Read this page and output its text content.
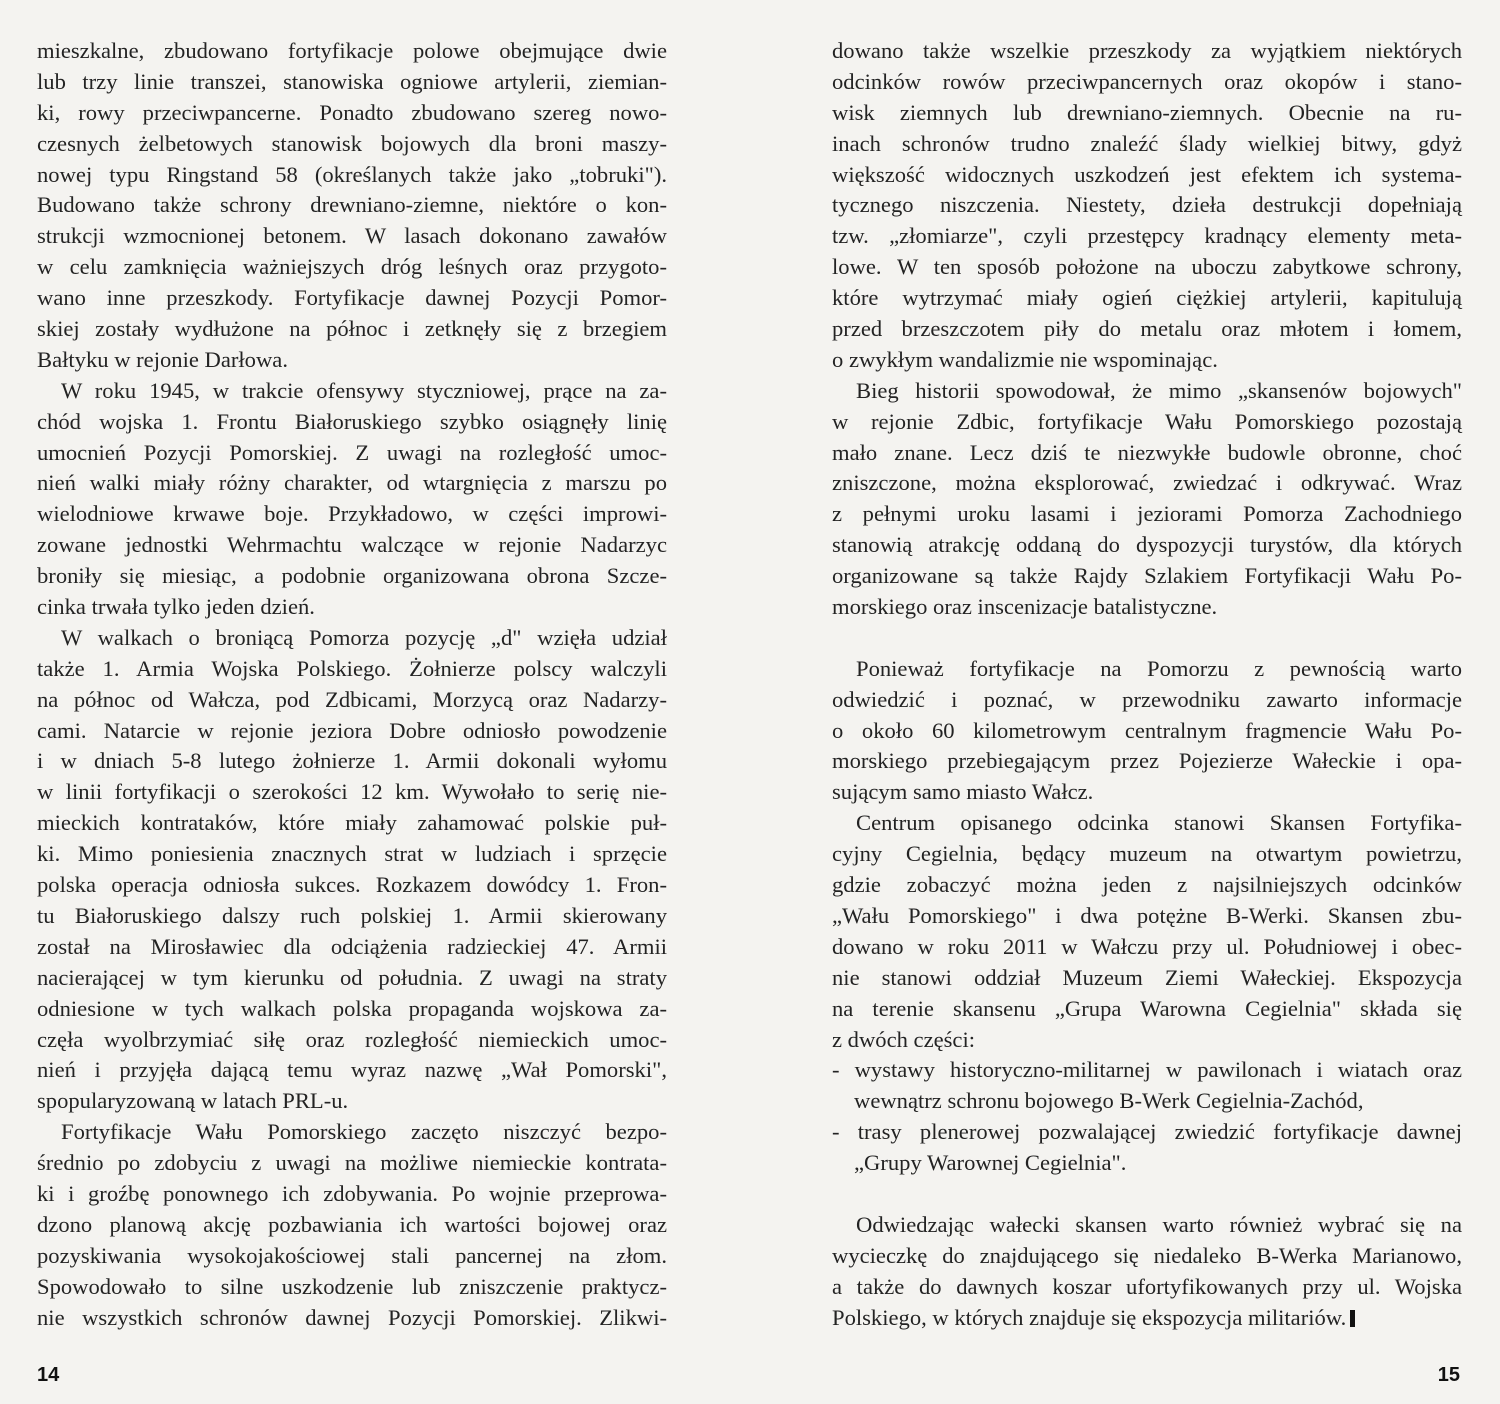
mieszkalne, zbudowano fortyfikacje polowe obejmujące dwie
lub trzy linie transzei, stanowiska ogniowe artylerii, ziemian-
ki, rowy przeciwpancerne. Ponadto zbudowano szereg nowo-
czesnych żelbetowych stanowisk bojowych dla broni maszy-
nowej typu Ringstand 58 (określanych także jako „tobruki").
Budowano także schrony drewniano-ziemne, niektóre o kon-
strukcji wzmocnionej betonem. W lasach dokonano zawałów
w celu zamknięcia ważniejszych dróg leśnych oraz przygoto-
wano inne przeszkody. Fortyfikacje dawnej Pozycji Pomor-
skiej zostały wydłużone na północ i zetknęły się z brzegiem
Bałtyku w rejonie Darłowa.
W roku 1945, w trakcie ofensywy styczniowej, prące na za-
chód wojska 1. Frontu Białoruskiego szybko osiągnęły linię
umocnień Pozycji Pomorskiej. Z uwagi na rozległość umoc-
nień walki miały różny charakter, od wtargnięcia z marszu po
wielodniowe krwawe boje. Przykładowo, w części improwi-
zowane jednostki Wehrmachtu walczące w rejonie Nadarzyc
broniły się miesiąc, a podobnie organizowana obrona Szcze-
cinka trwała tylko jeden dzień.
W walkach o broniącą Pomorza pozycję „d" wzięła udział
także 1. Armia Wojska Polskiego. Żołnierze polscy walczyli
na północ od Wałcza, pod Zdbicami, Morzycą oraz Nadarzy-
cami. Natarcie w rejonie jeziora Dobre odniosło powodzenie
i w dniach 5-8 lutego żołnierze 1. Armii dokonali wyłomu
w linii fortyfikacji o szerokości 12 km. Wywołało to serię nie-
mieckich kontrataków, które miały zahamować polskie puł-
ki. Mimo poniesienia znacznych strat w ludziach i sprzęcie
polska operacja odniosła sukces. Rozkazem dowódcy 1. Fron-
tu Białoruskiego dalszy ruch polskiej 1. Armii skierowany
został na Mirosławiec dla odciążenia radzieckiej 47. Armii
nacierającej w tym kierunku od południa. Z uwagi na straty
odniesione w tych walkach polska propaganda wojskowa za-
częła wyolbrzymiać siłę oraz rozległość niemieckich umoc-
nień i przyjęła dającą temu wyraz nazwę „Wał Pomorski",
spopularyzowaną w latach PRL-u.
Fortyfikacje Wału Pomorskiego zaczęto niszczyć bezpo-
średnio po zdobyciu z uwagi na możliwe niemieckie kontrata-
ki i groźbę ponownego ich zdobywania. Po wojnie przeprowa-
dzono planową akcję pozbawiania ich wartości bojowej oraz
pozyskiwania wysokojakościowej stali pancernej na złom.
Spowodowało to silne uszkodzenie lub zniszczenie praktycz-
nie wszystkich schronów dawnej Pozycji Pomorskiej. Zlikwi-
dowano także wszelkie przeszkody za wyjątkiem niektórych
odcinków rowów przeciwpancernych oraz okopów i stano-
wisk ziemnych lub drewniano-ziemnych. Obecnie na ru-
inach schronów trudno znaleźć ślady wielkiej bitwy, gdyż
większość widocznych uszkodzeń jest efektem ich systema-
tycznego niszczenia. Niestety, dzieła destrukcji dopełniają
tzw. „złomiarze", czyli przestępcy kradnący elementy meta-
lowe. W ten sposób położone na uboczu zabytkowe schrony,
które wytrzymać miały ogień ciężkiej artylerii, kapitulują
przed brzeszczotem piły do metalu oraz młotem i łomem,
o zwykłym wandalizmie nie wspominając.
Bieg historii spowodował, że mimo „skansenów bojowych"
w rejonie Zdbic, fortyfikacje Wału Pomorskiego pozostają
mało znane. Lecz dziś te niezwykłe budowle obronne, choć
zniszczone, można eksplorować, zwiedzać i odkrywać. Wraz
z pełnymi uroku lasami i jeziorami Pomorza Zachodniego
stanowią atrakcję oddaną do dyspozycji turystów, dla których
organizowane są także Rajdy Szlakiem Fortyfikacji Wału Po-
morskiego oraz inscenizacje batalistyczne.
Ponieważ fortyfikacje na Pomorzu z pewnością warto
odwiedzić i poznać, w przewodniku zawarto informacje
o około 60 kilometrowym centralnym fragmencie Wału Po-
morskiego przebiegającym przez Pojezierze Wałeckie i opa-
sującym samo miasto Wałcz.
Centrum opisanego odcinka stanowi Skansen Fortyfika-
cyjny Cegielnia, będący muzeum na otwartym powietrzu,
gdzie zobaczyć można jeden z najsilniejszych odcinków
„Wału Pomorskiego" i dwa potężne B-Werki. Skansen zbu-
dowano w roku 2011 w Wałczu przy ul. Południowej i obec-
nie stanowi oddział Muzeum Ziemi Wałeckiej. Ekspozycja
na terenie skansenu „Grupa Warowna Cegielnia" składa się
z dwóch części:
- wystawy historyczno-militarnej w pawilonach i wiatach oraz
wewnątrz schronu bojowego B-Werk Cegielnia-Zachód,
- trasy plenerowej pozwalającej zwiedzić fortyfikacje dawnej
„Grupy Warownej Cegielnia".
Odwiedzając wałecki skansen warto również wybrać się na
wycieczkę do znajdującego się niedaleko B-Werka Marianowo,
a także do dawnych koszar ufortyfikowanych przy ul. Wojska
Polskiego, w których znajduje się ekspozycja militariów.
14	15
